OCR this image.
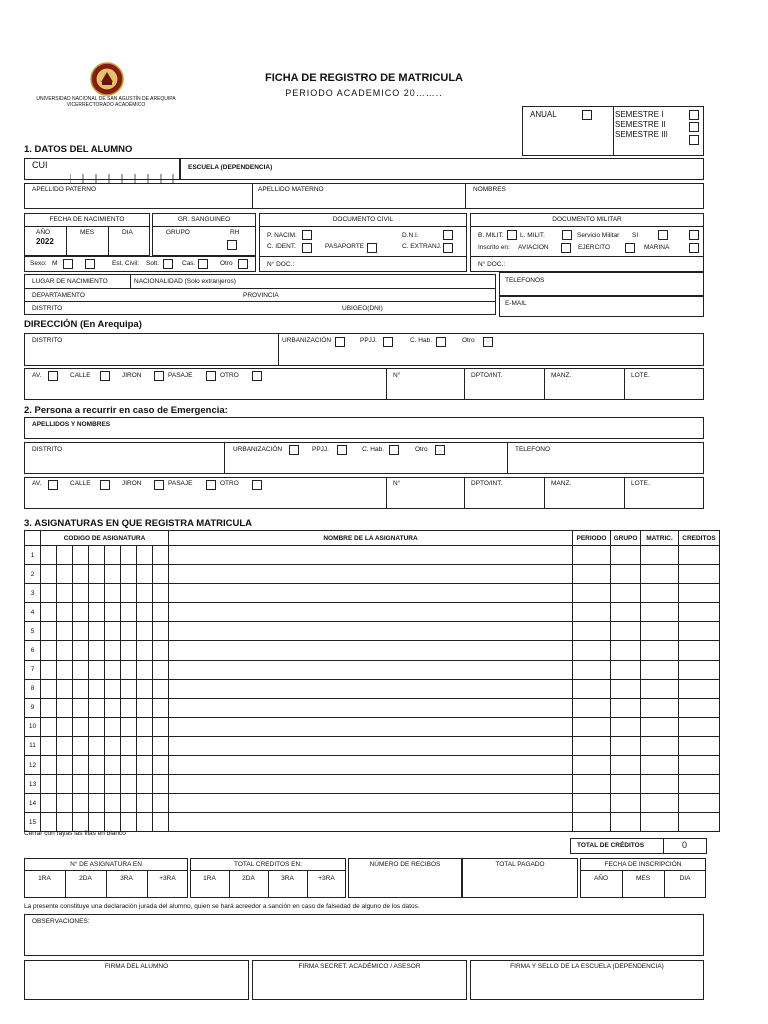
UNIVERSIDAD NACIONAL DE SAN AGUSTÍN DE AREQUIPA
VICERRECTORADO ACADÉMICO
FICHA DE REGISTRO DE MATRICULA
PERIODO ACADEMICO 20……..
ANUAL	SEMESTRE I
SEMESTRE II
SEMESTRE III
1. DATOS DEL ALUMNO
CUI	ESCUELA (DEPENDENCIA)
APELLIDO PATERNO	APELLIDO MATERNO	NOMBRES
FECHA DE NACIMIENTO
AÑO
2022
MES	DIA
GR. SANGUINEO
GRUPO	RH
DOCUMENTO CIVIL
P. NACIM.	D.N.I.
C. IDENT.	PASAPORTE	C. EXTRANJ.
N° DOC.:
DOCUMENTO MILITAR
B. MILIT.	L. MILIT.	Servicio Militar SI
Inscrito en: AVIACION	EJERCITO	MARINA
N° DOC.:
Sexo: M	Est. Civil: Solt.	Cas.	Otro
LUGAR DE NACIMIENTO	NACIONALIDAD (Solo extranjeros)
DEPARTAMENTO	PROVINCIA
DISTRITO	UBIGEO(DNI)
TELEFONOS
E-MAIL
DIRECCIÓN (En Arequipa)
DISTRITO	URBANIZACIÓN	PPJJ.	C. Hab.	Otro
AV.	CALLE	JIRON	PASAJE	OTRO	N°	DPTO/INT.	MANZ.	LOTE.
2. Persona a recurrir en caso de Emergencia:
APELLIDOS Y NOMBRES
DISTRITO	URBANIZACIÓN	PPJJ.	C. Hab.	Otro	TELEFONO
AV.	CALLE	JIRON	PASAJE	OTRO	N°	DPTO/INT.	MANZ.	LOTE.
3. ASIGNATURAS EN QUE REGISTRA MATRICULA
	CODIGO DE ASIGNATURA								NOMBRE DE LA ASIGNATURA	PERIODO	GRUPO	MATRIC.	CREDITOS
1													
2													
3													
4													
5													
6													
7													
8													
9													
10													
11													
12													
13													
14													
15													
Cerrar con rayas las filas en blanco
TOTAL DE CRÉDITOS	0
N° DE ASIGNATURA EN
1RA	2DA	3RA	+3RA
TOTAL CREDITOS EN:
1RA	2DA	3RA	+3RA
NÚMERO DE RECIBOS	TOTAL PAGADO	FECHA DE INSCRIPCIÓN
AÑO	MES	DIA
La presente constituye una declaración jurada del alumno, quien se hará acreedor a sanción en caso de falsedad de alguno de los datos.
OBSERVACIONES:
FIRMA DEL ALUMNO	FIRMA SECRET. ACADÉMICO / ASESOR	FIRMA Y SELLO DE LA ESCUELA (DEPENDENCIA)
